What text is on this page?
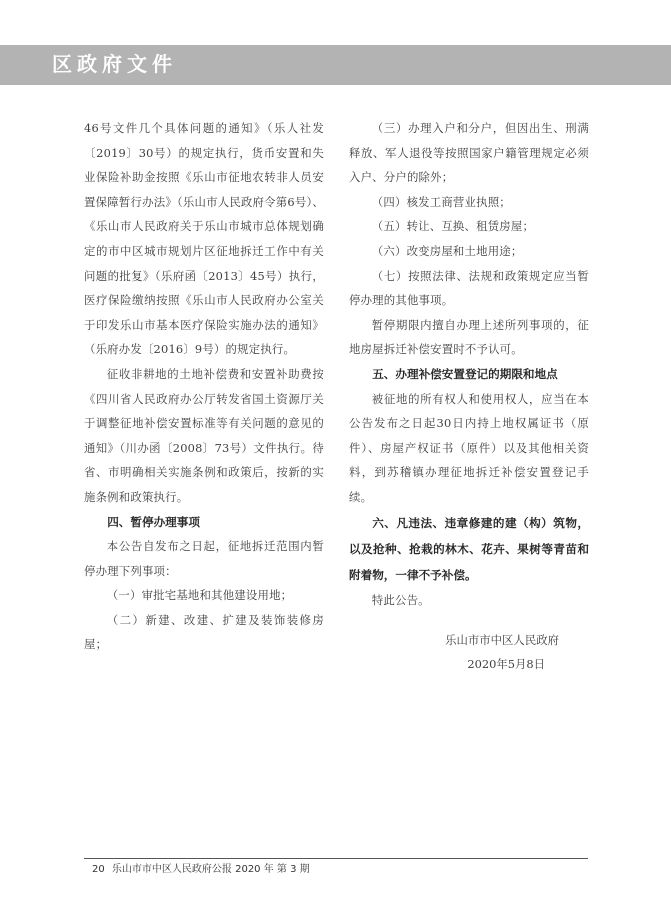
区政府文件

46号文件几个具体问题的通知》（乐人社发〔2019〕30号）的规定执行，货币安置和失业保险补助金按照《乐山市征地农转非人员安置保障暂行办法》（乐山市人民政府令第6号）、《乐山市人民政府关于乐山市城市总体规划确定的市中区城市规划片区征地拆迁工作中有关问题的批复》（乐府函〔2013〕45号）执行，医疗保险缴纳按照《乐山市人民政府办公室关于印发乐山市基本医疗保险实施办法的通知》（乐府办发〔2016〕9号）的规定执行。

征收非耕地的土地补偿费和安置补助费按《四川省人民政府办公厅转发省国土资源厅关于调整征地补偿安置标准等有关问题的意见的通知》（川办函〔2008〕73号）文件执行。待省、市明确相关实施条例和政策后，按新的实施条例和政策执行。

四、暂停办理事项

本公告自发布之日起，征地拆迁范围内暂停办理下列事项：

（一）审批宅基地和其他建设用地；

（二）新建、改建、扩建及装饰装修房屋；

（三）办理入户和分户，但因出生、刑满释放、军人退役等按照国家户籍管理规定必须入户、分户的除外；

（四）核发工商营业执照；

（五）转让、互换、租赁房屋；

（六）改变房屋和土地用途；

（七）按照法律、法规和政策规定应当暂停办理的其他事项。

暂停期限内擅自办理上述所列事项的，征地房屋拆迁补偿安置时不予认可。

五、办理补偿安置登记的期限和地点

被征地的所有权人和使用权人，应当在本公告发布之日起30日内持上地权属证书（原件）、房屋产权证书（原件）以及其他相关资料，到苏稽镇办理征地拆迁补偿安置登记手续。

六、凡违法、违章修建的建（构）筑物，以及抢种、抢栽的林木、花卉、果树等青苗和附着物，一律不予补偿。

特此公告。

乐山市市中区人民政府

2020年5月8日

20 乐山市市中区人民政府公报 2020 年 第 3 期
